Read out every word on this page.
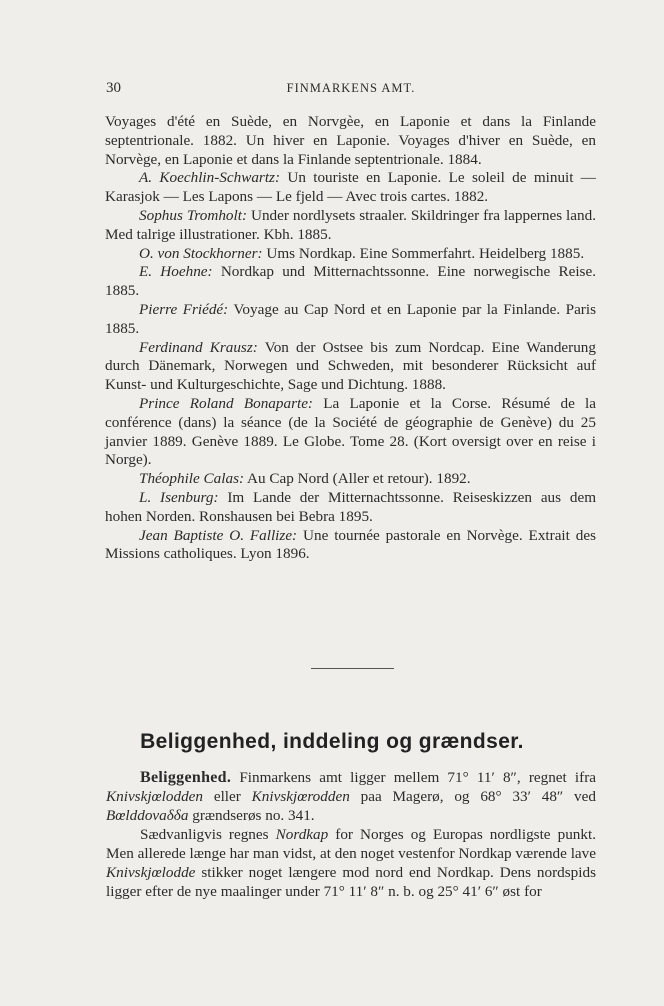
30	FINMARKENS AMT.

Voyages d'été en Suède, en Norvgèe, en Laponie et dans la Finlande septentrionale. 1882. Un hiver en Laponie. Voyages d'hiver en Suède, en Norvège, en Laponie et dans la Finlande septentrionale. 1884.

A. Koechlin-Schwartz: Un touriste en Laponie. Le soleil de minuit — Karasjok — Les Lapons — Le fjeld — Avec trois cartes. 1882.

Sophus Tromholt: Under nordlysets straaler. Skildringer fra lappernes land. Med talrige illustrationer. Kbh. 1885.

O. von Stockhorner: Ums Nordkap. Eine Sommerfahrt. Heidelberg 1885.

E. Hoehne: Nordkap und Mitternachtssonne. Eine norwegische Reise. 1885.

Pierre Friédé: Voyage au Cap Nord et en Laponie par la Finlande. Paris 1885.

Ferdinand Krausz: Von der Ostsee bis zum Nordcap. Eine Wanderung durch Dänemark, Norwegen und Schweden, mit besonderer Rücksicht auf Kunst- und Kulturgeschichte, Sage und Dichtung. 1888.

Prince Roland Bonaparte: La Laponie et la Corse. Résumé de la conférence (dans) la séance (de la Société de géographie de Genève) du 25 janvier 1889. Genève 1889. Le Globe. Tome 28. (Kort oversigt over en reise i Norge).

Théophile Calas: Au Cap Nord (Aller et retour). 1892.

L. Isenburg: Im Lande der Mitternachtssonne. Reiseskizzen aus dem hohen Norden. Ronshausen bei Bebra 1895.

Jean Baptiste O. Fallize: Une tournée pastorale en Norvège. Extrait des Missions catholiques. Lyon 1896.

Beliggenhed, inddeling og grændser.

Beliggenhed. Finmarkens amt ligger mellem 71° 11′ 8″, regnet ifra Knivskjœlodden eller Knivskjœrodden paa Magerø, og 68° 33′ 48″ ved Bœlddovaδδa grændserøs no. 341.

Sædvanligvis regnes Nordkap for Norges og Europas nordligste punkt. Men allerede længe har man vidst, at den noget vestenfor Nordkap værende lave Knivskjœlodde stikker noget længere mod nord end Nordkap. Dens nordspids ligger efter de nye maalinger under 71° 11′ 8″ n. b. og 25° 41′ 6″ øst for
